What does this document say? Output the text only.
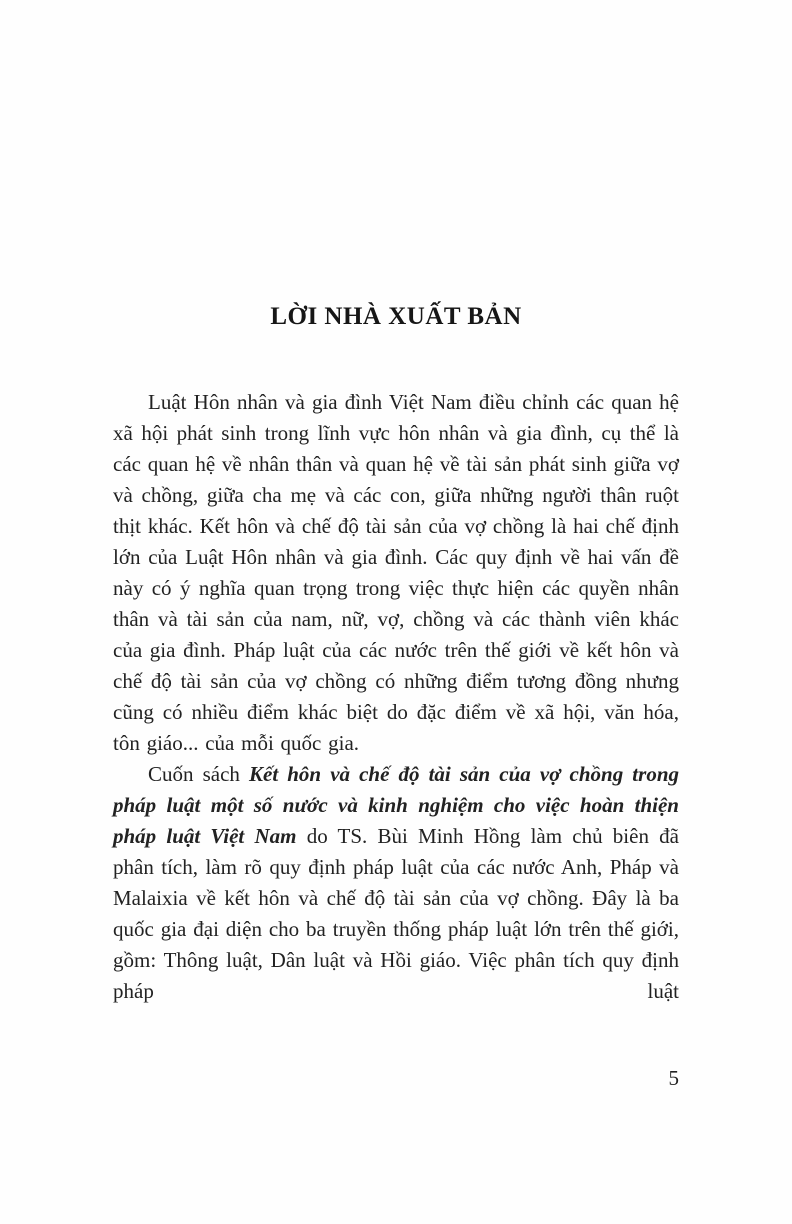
LỜI NHÀ XUẤT BẢN

Luật Hôn nhân và gia đình Việt Nam điều chỉnh các quan hệ xã hội phát sinh trong lĩnh vực hôn nhân và gia đình, cụ thể là các quan hệ về nhân thân và quan hệ về tài sản phát sinh giữa vợ và chồng, giữa cha mẹ và các con, giữa những người thân ruột thịt khác. Kết hôn và chế độ tài sản của vợ chồng là hai chế định lớn của Luật Hôn nhân và gia đình. Các quy định về hai vấn đề này có ý nghĩa quan trọng trong việc thực hiện các quyền nhân thân và tài sản của nam, nữ, vợ, chồng và các thành viên khác của gia đình. Pháp luật của các nước trên thế giới về kết hôn và chế độ tài sản của vợ chồng có những điểm tương đồng nhưng cũng có nhiều điểm khác biệt do đặc điểm về xã hội, văn hóa, tôn giáo... của mỗi quốc gia.

Cuốn sách Kết hôn và chế độ tài sản của vợ chồng trong pháp luật một số nước và kinh nghiệm cho việc hoàn thiện pháp luật Việt Nam do TS. Bùi Minh Hồng làm chủ biên đã phân tích, làm rõ quy định pháp luật của các nước Anh, Pháp và Malaixia về kết hôn và chế độ tài sản của vợ chồng. Đây là ba quốc gia đại diện cho ba truyền thống pháp luật lớn trên thế giới, gồm: Thông luật, Dân luật và Hồi giáo. Việc phân tích quy định pháp luật

5
